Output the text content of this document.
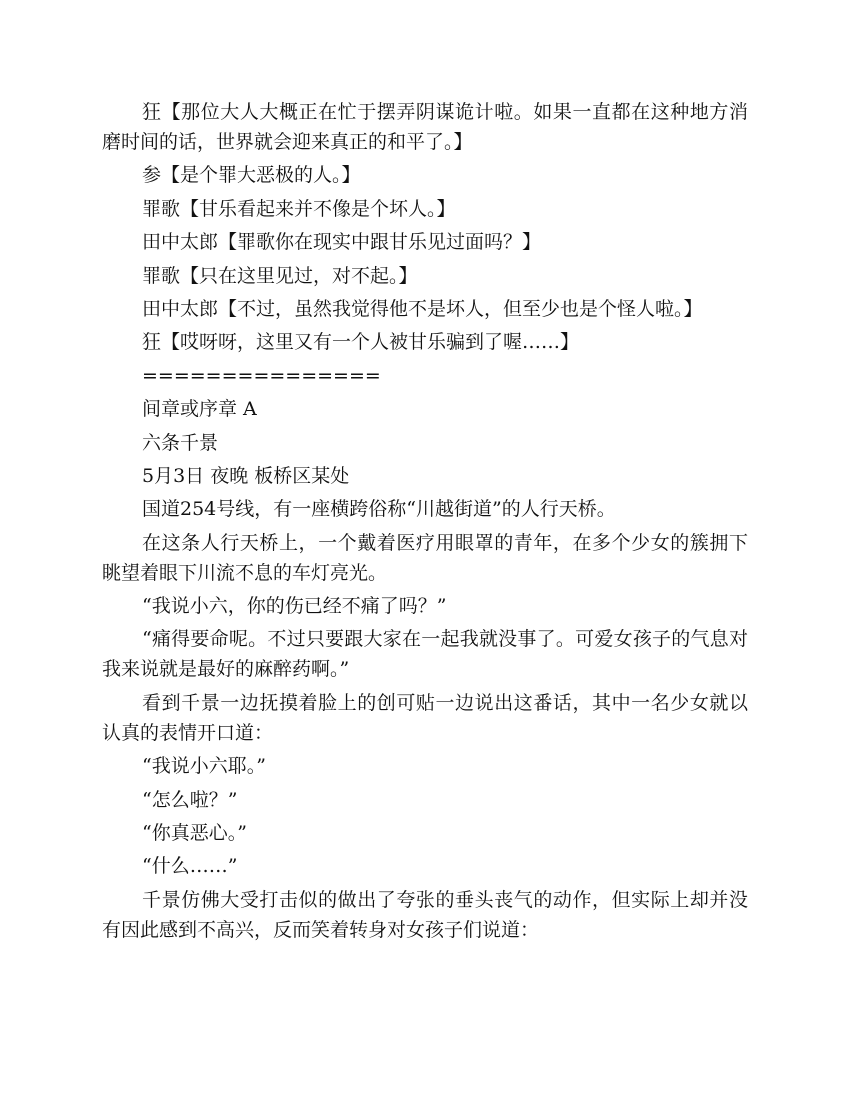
狂【那位大人大概正在忙于摆弄阴谋诡计啦。如果一直都在这种地方消磨时间的话，世界就会迎来真正的和平了。】

参【是个罪大恶极的人。】

罪歌【甘乐看起来并不像是个坏人。】

田中太郎【罪歌你在现实中跟甘乐见过面吗？】

罪歌【只在这里见过，对不起。】

田中太郎【不过，虽然我觉得他不是坏人，但至少也是个怪人啦。】

狂【哎呀呀，这里又有一个人被甘乐骗到了喔……】

===============

间章或序章 A

六条千景

5月3日 夜晚 板桥区某处

国道254号线，有一座横跨俗称“川越街道”的人行天桥。

在这条人行天桥上，一个戴着医疗用眼罩的青年，在多个少女的簇拥下眺望着眼下川流不息的车灯亮光。

“我说小六，你的伤已经不痛了吗？”

“痛得要命呢。不过只要跟大家在一起我就没事了。可爱女孩子的气息对我来说就是最好的麻醉药啊。”

看到千景一边抚摸着脸上的创可贴一边说出这番话，其中一名少女就以认真的表情开口道：

“我说小六耶。”

“怎么啦？”

“你真恶心。”

“什么……”

千景仿佛大受打击似的做出了夸张的垂头丧气的动作，但实际上却并没有因此感到不高兴，反而笑着转身对女孩子们说道：
